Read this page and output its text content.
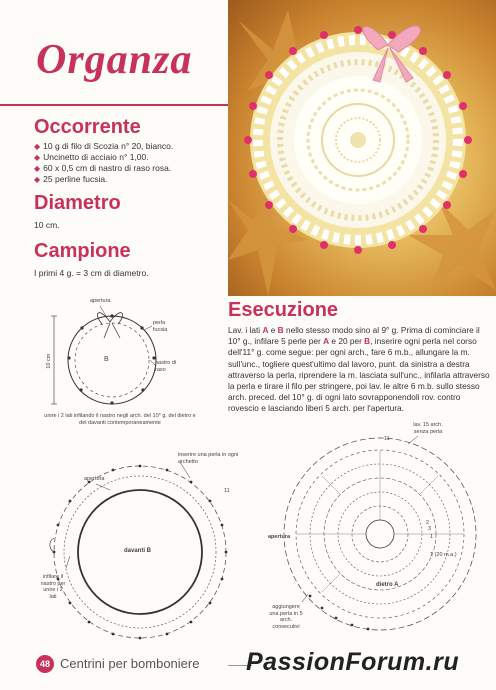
Organza
Occorrente
◆ 10 g di filo di Scozia n° 20, bianco.
◆ Uncinetto di acciaio n° 1,00.
◆ 60 x 0,5 cm di nastro di raso rosa.
◆ 25 perline fucsia.
Diametro
10 cm.
Campione
I primi 4 g. = 3 cm di diametro.
Esecuzione
Lav. i lati A e B nello stesso modo sino al 9° g. Prima di cominciare il 10° g., infilare 5 perle per A e 20 per B, inserire ogni perla nel corso dell'11° g. come segue: per ogni arch., fare 6 m.b., allungare la m. sull'unc., togliere quest'ultimo dal lavoro, punt. da sinistra a destra attraverso la perla, riprendere la m. lasciata sull'unc., infilarla attraverso la perla e tirare il filo per stringere, poi lav. le altre 6 m.b. sullo stesso arch. preced. del 10° g. di ogni lato sovrapponendoli rov. contro rovescio e lasciando liberi 5 arch. per l'apertura.
apertura
perla fucsia
nastro di raso
10 cm	B
unire i 2 lati infilando il nastro negli arch. del 10° g. del dietro e del davanti contemporaneamente
inserire una perla in ogni archetto
apertura
11
davanti B
infilare il nastro per unire i 2 lati
lav. 15 arch. senza perla
11
apertura
2
3
1
1 (20 m.a.)
dietro A
aggiungere una perla in 5 arch. consecutivi
48 Centrini per bomboniere PassionForum.ru
